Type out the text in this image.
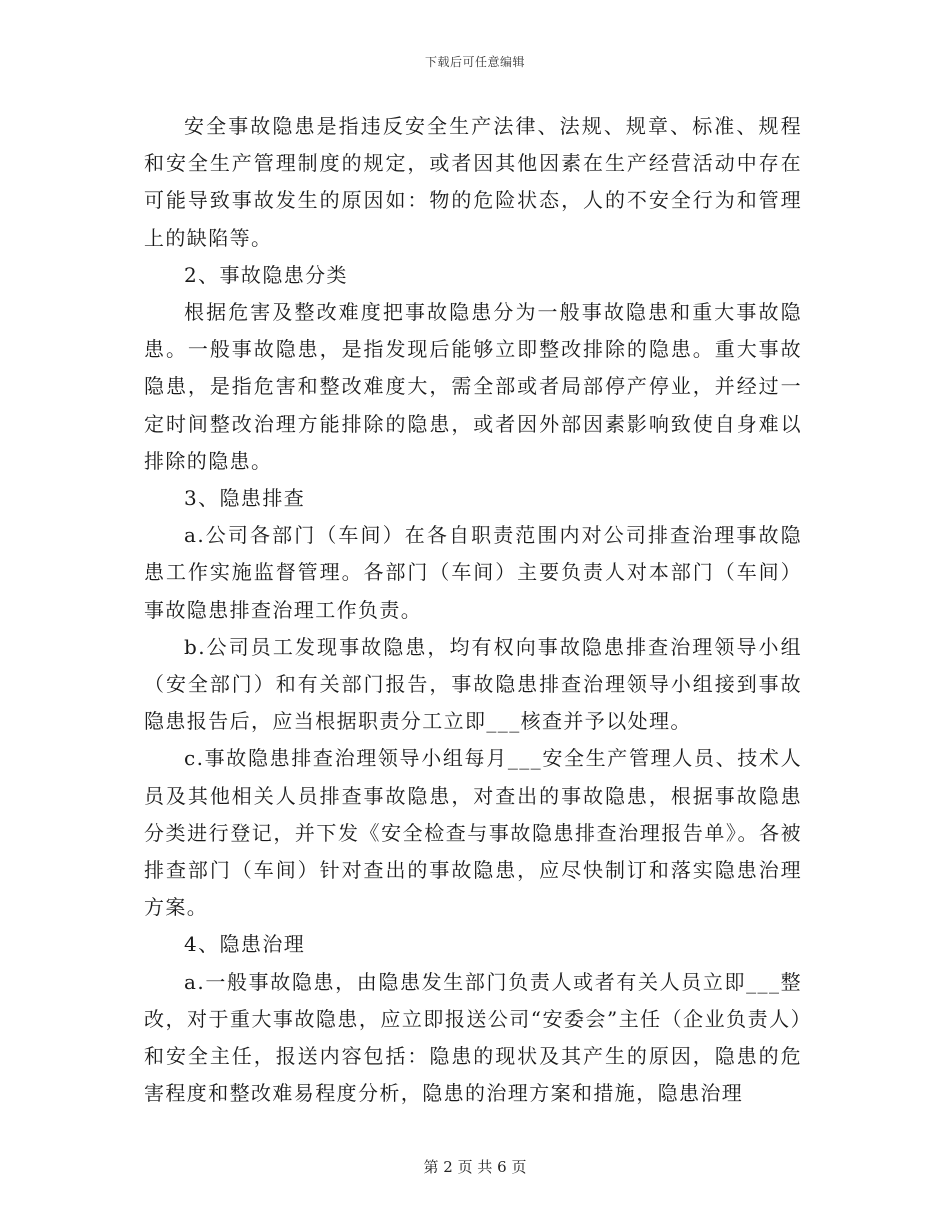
下载后可任意编辑

安全事故隐患是指违反安全生产法律、法规、规章、标准、规程和安全生产管理制度的规定，或者因其他因素在生产经营活动中存在可能导致事故发生的原因如：物的危险状态，人的不安全行为和管理上的缺陷等。

2、事故隐患分类

根据危害及整改难度把事故隐患分为一般事故隐患和重大事故隐患。一般事故隐患，是指发现后能够立即整改排除的隐患。重大事故隐患，是指危害和整改难度大，需全部或者局部停产停业，并经过一定时间整改治理方能排除的隐患，或者因外部因素影响致使自身难以排除的隐患。

3、隐患排查

a.公司各部门（车间）在各自职责范围内对公司排查治理事故隐患工作实施监督管理。各部门（车间）主要负责人对本部门（车间）事故隐患排查治理工作负责。

b.公司员工发现事故隐患，均有权向事故隐患排查治理领导小组（安全部门）和有关部门报告，事故隐患排查治理领导小组接到事故隐患报告后，应当根据职责分工立即___核查并予以处理。

c.事故隐患排查治理领导小组每月___安全生产管理人员、技术人员及其他相关人员排查事故隐患，对查出的事故隐患，根据事故隐患分类进行登记，并下发《安全检查与事故隐患排查治理报告单》。各被排查部门（车间）针对查出的事故隐患，应尽快制订和落实隐患治理方案。

4、隐患治理

a.一般事故隐患，由隐患发生部门负责人或者有关人员立即___整改，对于重大事故隐患，应立即报送公司“安委会”主任（企业负责人）和安全主任，报送内容包括：隐患的现状及其产生的原因，隐患的危害程度和整改难易程度分析，隐患的治理方案和措施，隐患治理

第 2 页 共 6 页
